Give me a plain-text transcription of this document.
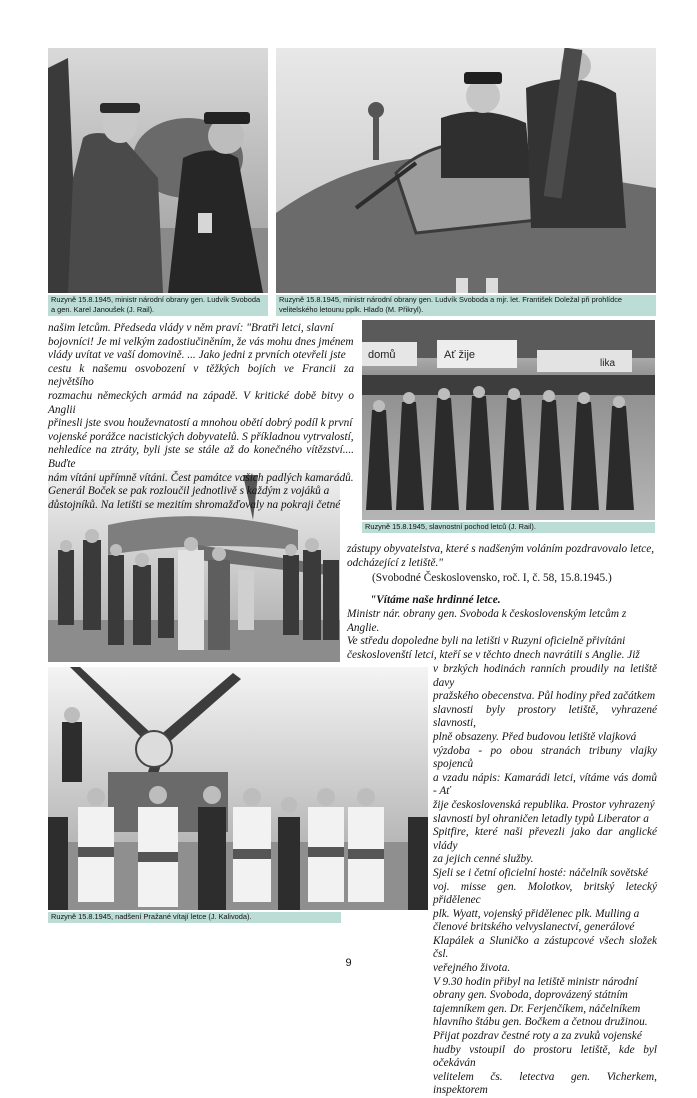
Ruzyně 15.8.1945, ministr národní obrany gen. Ludvík Svoboda a gen. Karel Janoušek (J. Rail).
Ruzyně 15.8.1945, ministr národní obrany gen. Ludvík Svoboda a mjr. let. František Doležal při prohlídce velitelského letounu pplk. Hlaďo (M. Přikryl).
domů	Ať žije
lika
Ruzyně 15.8.1945, slavnostní pochod letců (J. Rail).
Ruzyně 15.8.1945, nadšení Pražané vítají letce (J. Kalivoda).
našim letcům. Předseda vlády v něm praví: "Bratři letci, slavní
bojovníci! Je mi velkým zadostiučiněním, že vás mohu dnes jménem
vlády uvítat ve vaší domovině. ... Jako jedni z prvních otevřeli jste
cestu k našemu osvobození v těžkých bojích ve Francii za největšího
rozmachu německých armád na západě. V kritické době bitvy o Anglii
přinesli jste svou houževnatostí a mnohou obětí dobrý podíl k první
vojenské porážce nacistických dobyvatelů. S příkladnou vytrvalostí,
nehledíce na ztráty, byli jste se stále až do konečného vítězství.... Buďte
nám vítáni upřímně vítáni. Čest památce vašich padlých kamarádů.
Generál Boček se pak rozloučil jednotlivě s každým z vojáků a
důstojníků. Na letišti se mezitím shromažďovaly na pokraji četné
zástupy obyvatelstva, které s nadšeným voláním pozdravovalo letce,
odcházející z letiště."
(Svobodné Československo, roč. I, č. 58, 15.8.1945.)
"Vítáme naše hrdinné letce.
Ministr nár. obrany gen. Svoboda k československým letcům z
Anglie.
Ve středu dopoledne byli na letišti v Ruzyni oficielně přivítáni
českoslovenští letci, kteří se v těchto dnech navrátili s Anglie. Již
v brzkých hodinách ranních proudily na letiště davy
pražského obecenstva. Půl hodiny před začátkem
slavnosti byly prostory letiště, vyhrazené slavnosti,
plně obsazeny. Před budovou letiště vlajková
výzdoba - po obou stranách tribuny vlajky spojenců
a vzadu nápis: Kamarádi letci, vítáme vás domů - Ať
žije československá republika. Prostor vyhrazený
slavnosti byl ohraničen letadly typů Liberator a
Spitfire, které naši převezli jako dar anglické vlády
za jejich cenné služby.
Sjeli se i četní oficielní hosté: náčelník sovětské
voj. misse gen. Molotkov, britský letecký přidělenec
plk. Wyatt, vojenský přidělenec plk. Mulling a
členové britského velvyslanectví, generálové
Klapálek a Sluničko a zástupcové všech složek čsl.
veřejného života.
V 9.30 hodin přibyl na letiště ministr národní
obrany gen. Svoboda, doprovázený státním
tajemníkem gen. Dr. Ferjenčíkem, náčelníkem
hlavního štábu gen. Bočkem a četnou družinou.
Přijat pozdrav čestné roty a za zvuků vojenské
hudby vstoupil do prostoru letiště, kde byl očekáván
velitelem čs. letectva gen. Vicherkem, inspektorem
9
